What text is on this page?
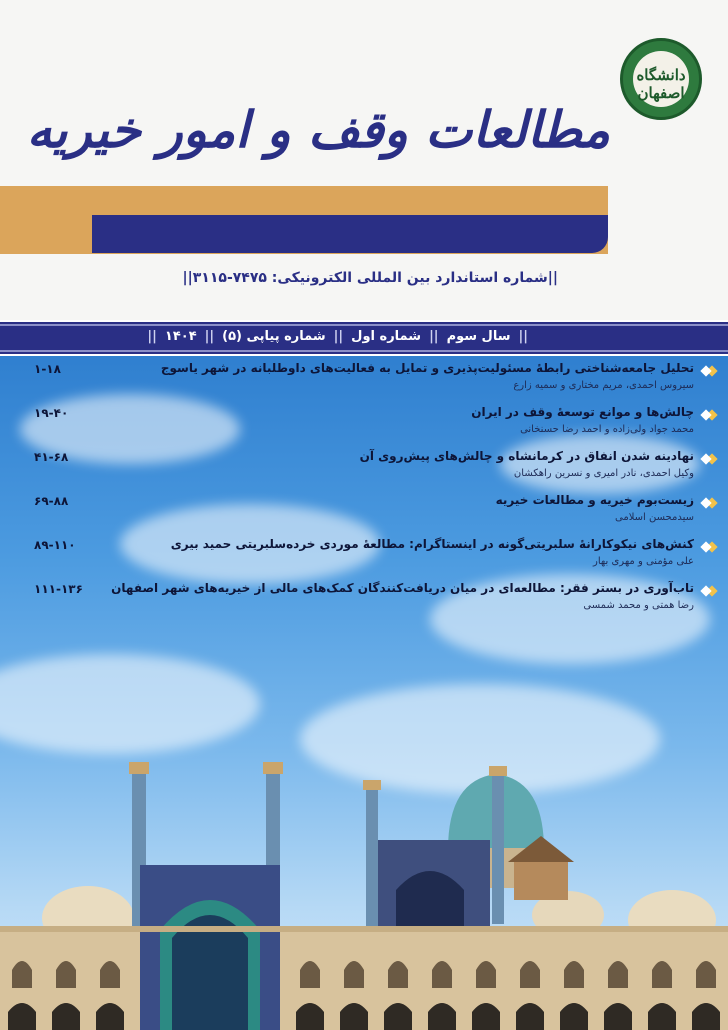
دانشگاه اصفهان
مطالعات وقف و امور خیریه
||شماره استاندارد بین المللی الکترونیکی: ۷۴۷۵-۳۱۱۵||
||سال سوم||شماره اول||شماره پیاپی (۵)||۱۴۰۴||
تحلیل جامعه‌شناختی رابطهٔ مسئولیت‌پذیری و تمایل به فعالیت‌های داوطلبانه در شهر یاسوج
سیروس احمدی، مریم مختاری و سمیه زارع
۱-۱۸
چالش‌ها و موانع توسعهٔ وقف در ایران
محمد جواد ولی‌زاده و احمد رضا حسنخانی
۱۹-۴۰
نهادینه شدن انفاق در کرمانشاه و چالش‌های پیش‌روی آن
وکیل احمدی، نادر امیری و نسرین راهکشان
۴۱-۶۸
زیست‌بوم خیریه و مطالعات خیریه
سیدمحسن اسلامی
۶۹-۸۸
کنش‌های نیکوکارانهٔ سلبریتی‌گونه در اینستاگرام: مطالعهٔ موردی خرده‌سلبریتی حمید بیری
علی مؤمنی و مهری بهار
۸۹-۱۱۰
تاب‌آوری در بستر فقر: مطالعه‌ای در میان دریافت‌کنندگان کمک‌های مالی از خیریه‌های شهر اصفهان
رضا همتی و محمد شمسی
۱۱۱-۱۳۶
